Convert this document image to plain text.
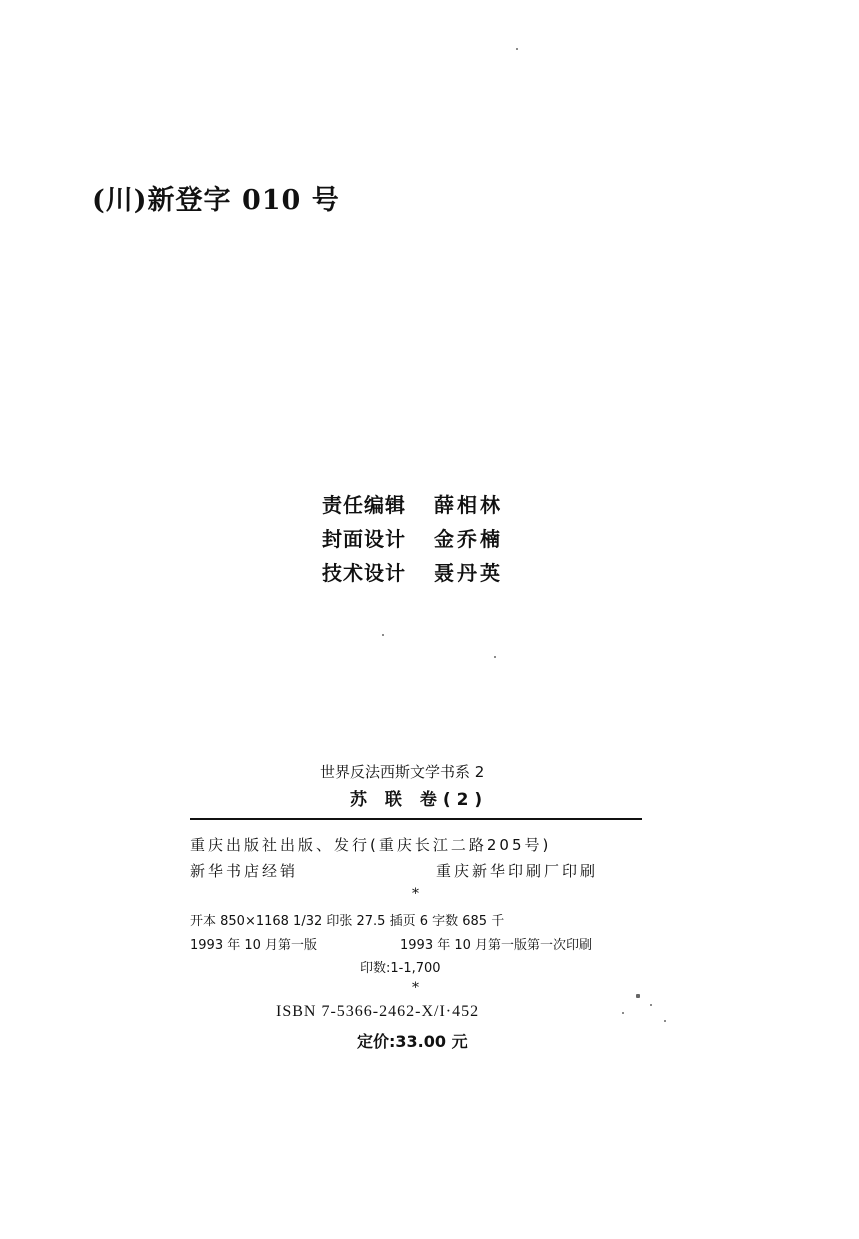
(川)新登字 010 号
责任编辑 薛相林
封面设计 金乔楠
技术设计 聂丹英
世界反法西斯文学书系 2
苏 联 卷(2)
重庆出版社出版、发行(重庆长江二路205号)
新华书店经销	重庆新华印刷厂印刷
*
开本 850×1168 1/32 印张 27.5 插页 6 字数 685 千
1993 年 10 月第一版	1993 年 10 月第一版第一次印刷
印数:1-1,700
*
ISBN 7-5366-2462-X/I·452
定价:33.00 元
